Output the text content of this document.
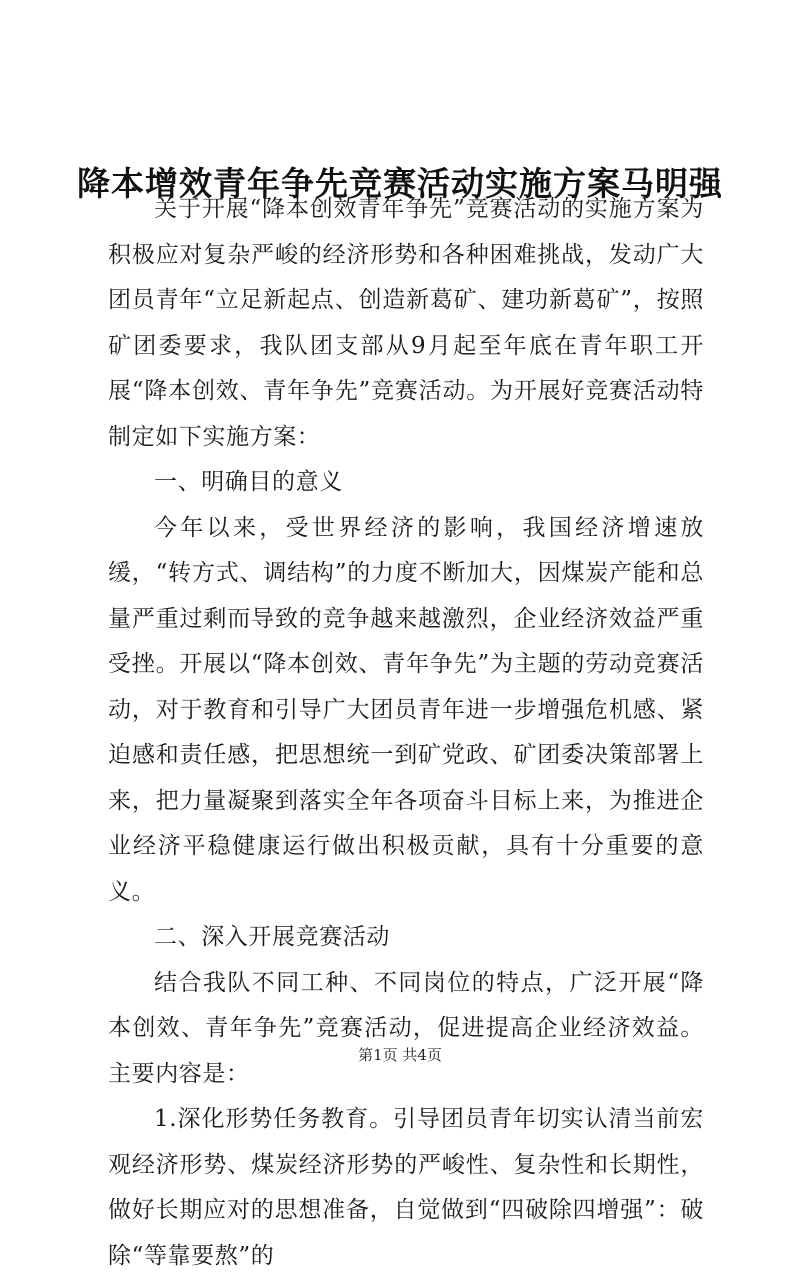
降本增效青年争先竞赛活动实施方案马明强

关于开展“降本创效青年争先”竞赛活动的实施方案为积极应对复杂严峻的经济形势和各种困难挑战，发动广大团员青年“立足新起点、创造新葛矿、建功新葛矿”，按照矿团委要求，我队团支部从9月起至年底在青年职工开展“降本创效、青年争先”竞赛活动。为开展好竞赛活动特制定如下实施方案：

一、明确目的意义

今年以来，受世界经济的影响，我国经济增速放缓，“转方式、调结构”的力度不断加大，因煤炭产能和总量严重过剩而导致的竞争越来越激烈，企业经济效益严重受挫。开展以“降本创效、青年争先”为主题的劳动竞赛活动，对于教育和引导广大团员青年进一步增强危机感、紧迫感和责任感，把思想统一到矿党政、矿团委决策部署上来，把力量凝聚到落实全年各项奋斗目标上来，为推进企业经济平稳健康运行做出积极贡献，具有十分重要的意义。

二、深入开展竞赛活动

结合我队不同工种、不同岗位的特点，广泛开展“降本创效、青年争先”竞赛活动，促进提高企业经济效益。主要内容是：

1.深化形势任务教育。引导团员青年切实认清当前宏观经济形势、煤炭经济形势的严峻性、复杂性和长期性，做好长期应对的思想准备，自觉做到“四破除四增强”：破除“等靠要熬”的

第1页 共4页
